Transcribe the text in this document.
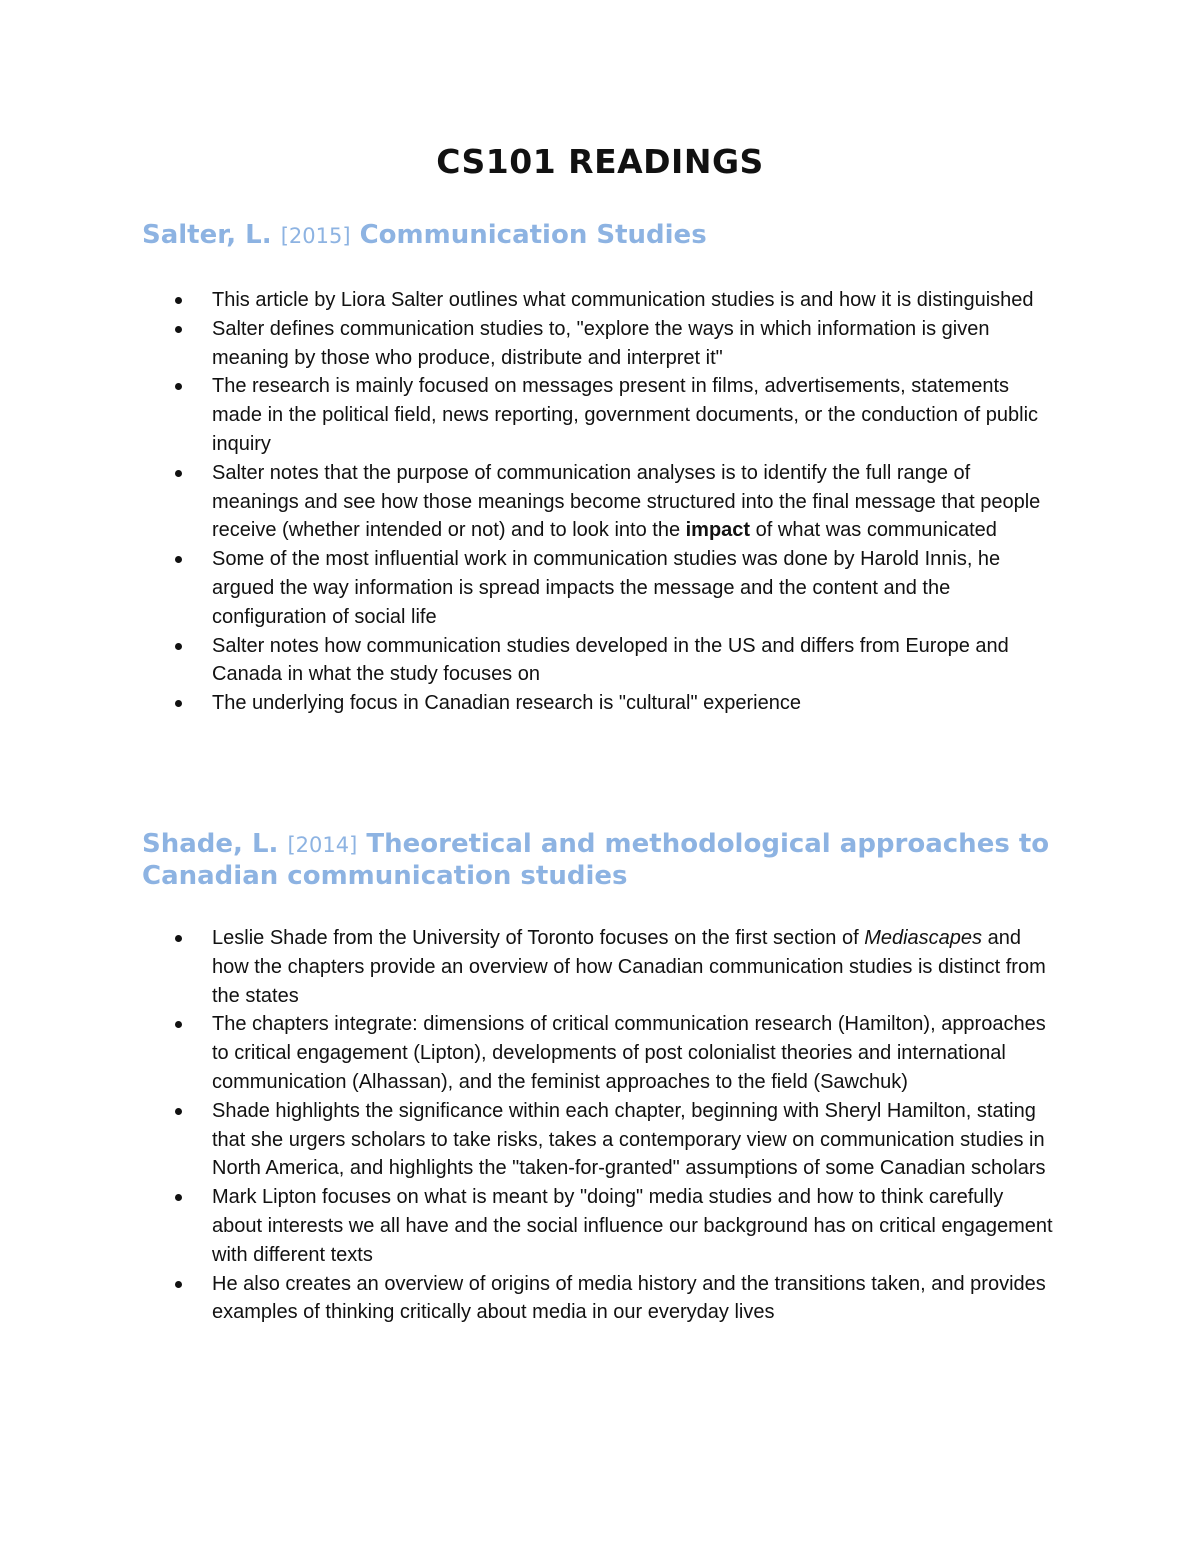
CS101 READINGS
Salter, L. [2015] Communication Studies
This article by Liora Salter outlines what communication studies is and how it is distinguished
Salter defines communication studies to, "explore the ways in which information is given meaning by those who produce, distribute and interpret it"
The research is mainly focused on messages present in films, advertisements, statements made in the political field, news reporting, government documents, or the conduction of public inquiry
Salter notes that the purpose of communication analyses is to identify the full range of meanings and see how those meanings become structured into the final message that people receive (whether intended or not) and to look into the impact of what was communicated
Some of the most influential work in communication studies was done by Harold Innis, he argued the way information is spread impacts the message and the content and the configuration of social life
Salter notes how communication studies developed in the US and differs from Europe and Canada in what the study focuses on
The underlying focus in Canadian research is "cultural" experience
Shade, L. [2014] Theoretical and methodological approaches to Canadian communication studies
Leslie Shade from the University of Toronto focuses on the first section of Mediascapes and how the chapters provide an overview of how Canadian communication studies is distinct from the states
The chapters integrate: dimensions of critical communication research (Hamilton), approaches to critical engagement (Lipton), developments of post colonialist theories and international communication (Alhassan), and the feminist approaches to the field (Sawchuk)
Shade highlights the significance within each chapter, beginning with Sheryl Hamilton, stating that she urgers scholars to take risks, takes a contemporary view on communication studies in North America, and highlights the "taken-for-granted" assumptions of some Canadian scholars
Mark Lipton focuses on what is meant by "doing" media studies and how to think carefully about interests we all have and the social influence our background has on critical engagement with different texts
He also creates an overview of origins of media history and the transitions taken, and provides examples of thinking critically about media in our everyday lives
